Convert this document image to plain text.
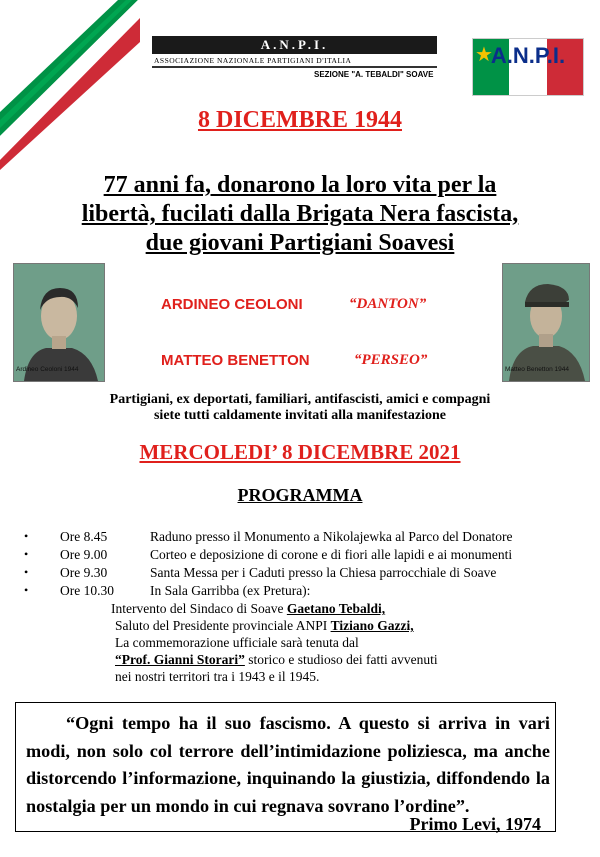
A.N.P.I.
ASSOCIAZIONE NAZIONALE PARTIGIANI D'ITALIA
SEZIONE "A. TEBALDI" SOAVE
★
A.N.P.I.
8 DICEMBRE 1944
77 anni fa, donarono la loro vita per la
libertà, fucilati dalla Brigata Nera fascista,
due giovani Partigiani Soavesi
Ardineo Ceoloni 1944	Matteo Benetton 1944
ARDINEO CEOLONI	“DANTON”
MATTEO BENETTON	“PERSEO”
Partigiani, ex deportati, familiari, antifascisti, amici e compagni
siete tutti caldamente invitati alla manifestazione
MERCOLEDI’ 8 DICEMBRE 2021
PROGRAMMA
• Ore 8.45	Raduno presso il Monumento a Nikolajewka al Parco del Donatore
• Ore 9.00	Corteo e deposizione di corone e di fiori alle lapidi e ai monumenti
• Ore 9.30	Santa Messa per i Caduti presso la Chiesa parrocchiale di Soave
• Ore 10.30	In Sala Garribba (ex Pretura):
Intervento del Sindaco di Soave Gaetano Tebaldi,
Saluto del Presidente provinciale ANPI Tiziano Gazzi,
La commemorazione ufficiale sarà tenuta dal
“Prof. Gianni Storari” storico e studioso dei fatti avvenuti
nei nostri territori tra i 1943 e il 1945.

“Ogni tempo ha il suo fascismo. A questo si arriva in vari modi, non solo col terrore dell’intimidazione poliziesca, ma anche distorcendo l’informazione, inquinando la giustizia, diffondendo la nostalgia per un mondo in cui regnava sovrano l’ordine”.

Primo Levi, 1974
